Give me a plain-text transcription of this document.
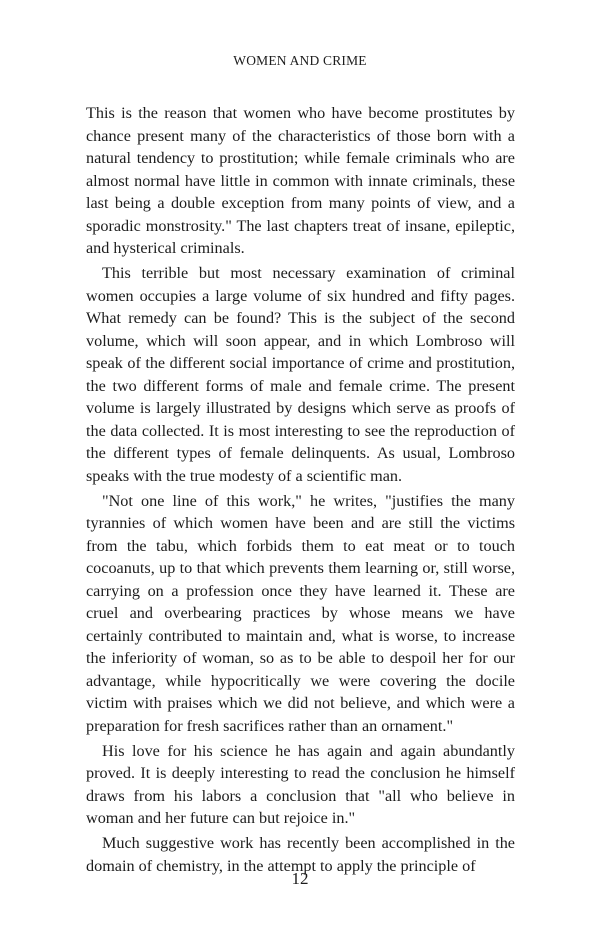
WOMEN AND CRIME

This is the reason that women who have become prostitutes by chance present many of the characteristics of those born with a natural tendency to prostitution; while female criminals who are almost normal have little in common with innate criminals, these last being a double exception from many points of view, and a sporadic monstrosity." The last chapters treat of insane, epileptic, and hysterical criminals.

This terrible but most necessary examination of criminal women occupies a large volume of six hundred and fifty pages. What remedy can be found? This is the subject of the second volume, which will soon appear, and in which Lombroso will speak of the different social importance of crime and prostitution, the two different forms of male and female crime. The present volume is largely illustrated by designs which serve as proofs of the data collected. It is most interesting to see the reproduction of the different types of female delinquents. As usual, Lombroso speaks with the true modesty of a scientific man.

"Not one line of this work," he writes, "justifies the many tyrannies of which women have been and are still the victims from the tabu, which forbids them to eat meat or to touch cocoanuts, up to that which prevents them learning or, still worse, carrying on a profession once they have learned it. These are cruel and overbearing practices by whose means we have certainly contributed to maintain and, what is worse, to increase the inferiority of woman, so as to be able to despoil her for our advantage, while hypocritically we were covering the docile victim with praises which we did not believe, and which were a preparation for fresh sacrifices rather than an ornament."

His love for his science he has again and again abundantly proved. It is deeply interesting to read the conclusion he himself draws from his labors a conclusion that "all who believe in woman and her future can but rejoice in."

Much suggestive work has recently been accomplished in the domain of chemistry, in the attempt to apply the principle of

12
